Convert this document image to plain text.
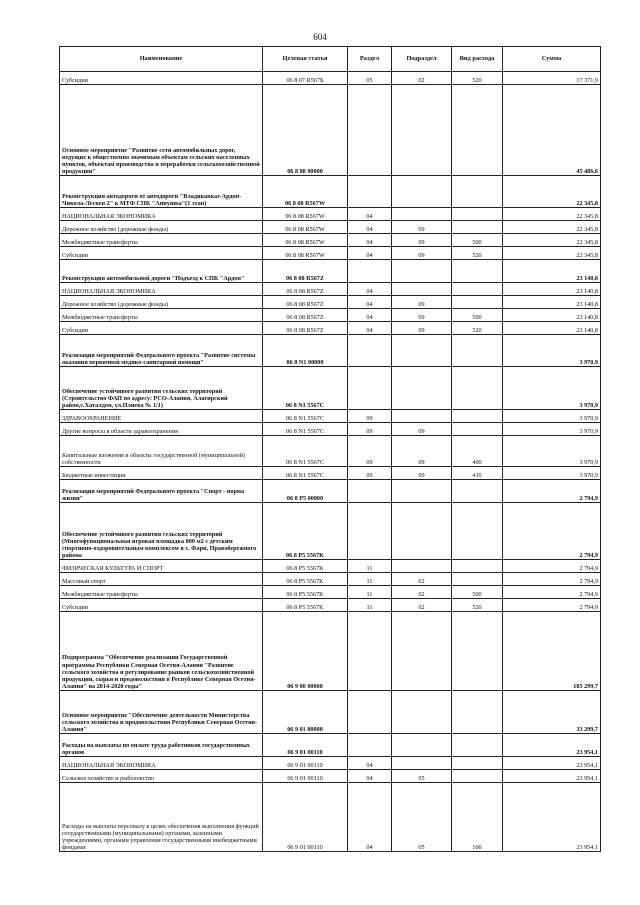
604
Наименование	Целевая статья	Раздел	Подраздел	Вид расхода	Сумма
Субсидии	06 8 07 R567Б	05	02	520	17 371,9
Основное мероприятие "Развитие сети автомобильных дорог, ведущих к общественно значимым объектам сельских населенных пунктов, объектам производства и переработки сельскохозяйственной продукции"	06 8 08 00000				45 486,6
Реконструкция автодороги от автодороги "Владикавказ-Ардон-Чикола-Лескен 2" к МТФ СПК "Аннушка"(1 этап)	06 8 08 R567W				22 345,8
НАЦИОНАЛЬНАЯ ЭКОНОМИКА	06 8 08 R567W	04			22 345,8
Дорожное хозяйство (дорожные фонды)	06 8 08 R567W	04	09		22 345,8
Межбюджетные трансферты	06 8 08 R567W	04	09	500	22 345,8
Субсидии	06 8 08 R567W	04	09	520	22 345,8
Реконструкция автомобильной дороги "Подъезд к СПК "Ардон"	06 8 08 R567Z				23 140,8
НАЦИОНАЛЬНАЯ ЭКОНОМИКА	06 8 08 R567Z	04			23 140,8
Дорожное хозяйство (дорожные фонды)	06 8 08 R567Z	04	09		23 140,8
Межбюджетные трансферты	06 8 08 R567Z	04	09	500	23 140,8
Субсидии	06 8 08 R567Z	04	09	520	23 140,8
Реализация мероприятий Федерального проекта "Развитие системы оказания первичной медико-санитарной помощи"	06 8 N1 00000				3 970,9
Обеспечение устойчивого развития сельских территорий (Строительство ФАП по адресу: РСО-Алания, Алагирский район,с.Хаталдон, ул.Плиева № 1/1)	06 8 N1 5567C				3 970,9
ЗДРАВООХРАНЕНИЕ	06 8 N1 5567C	09			3 970,9
Другие вопросы в области здравоохранения	06 8 N1 5567C	09	09		3 970,9
Капитальные вложения в объекты государственной (муниципальной) собственности	06 8 N1 5567C	09	09	400	3 970,9
Бюджетные инвестиции	06 8 N1 5567C	09	09	410	3 970,9
Реализация мероприятий Федерального проекта "Спорт - норма жизни"	06 8 P5 00000				2 794,9
Обеспечение устойчивого развития сельских территорий (Многофункциональная игровая площадка 800 м2 с детским спортивно-оздоровительным комплексом в с. Фарн, Правобережного района	06 8 P5 5567K				2 794,9
ФИЗИЧЕСКАЯ КУЛЬТУРА И СПОРТ	06 8 P5 5567K	11			2 794,9
Массовый спорт	06 8 P5 5567K	11	02		2 794,9
Межбюджетные трансферты	06 8 P5 5567K	11	02	500	2 794,9
Субсидии	06 8 P5 5567K	11	02	520	2 794,9
Подпрограмма "Обеспечение реализации Государственной программы Республики Северная Осетия-Алания "Развитие сельского хозяйства и регулирование рынков сельскохозяйственной продукции, сырья и продовольствия в Республике Северная Осетия-Алания" на 2014-2020 годы"	06 9 00 00000				185 299,7
Основное мероприятие "Обеспечение деятельности Министерства сельского хозяйства и продовольствия Республики Северная Осетия-Алания"	06 9 01 00000				33 299,7
Расходы на выплаты по оплате труда работников государственных органов	06 9 01 00110				23 954,1
НАЦИОНАЛЬНАЯ ЭКОНОМИКА	06 9 01 00110	04			23 954,1
Сельское хозяйство и рыболовство	06 9 01 00110	04	05		23 954,1
Расходы на выплаты персоналу в целях обеспечения выполнения функций государственными (муниципальными) органами, казенными учреждениями, органами управления государственными внебюджетными фондами	06 9 01 00110	04	05	100	23 954,1
